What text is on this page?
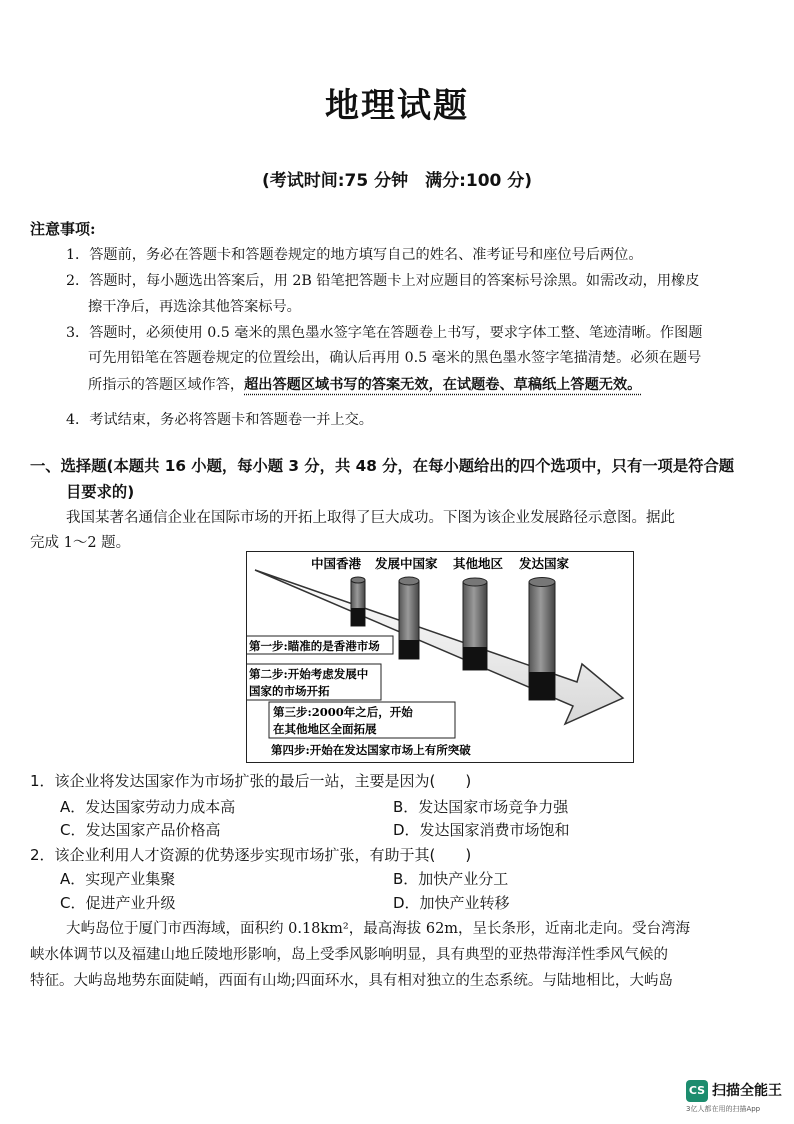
地理试题
(考试时间:75 分钟　满分:100 分)
注意事项:
1．答题前，务必在答题卡和答题卷规定的地方填写自己的姓名、准考证号和座位号后两位。
2．答题时，每小题选出答案后，用 2B 铅笔把答题卡上对应题目的答案标号涂黑。如需改动，用橡皮
擦干净后，再选涂其他答案标号。
3．答题时，必须使用 0.5 毫米的黑色墨水签字笔在答题卷上书写，要求字体工整、笔迹清晰。作图题
可先用铅笔在答题卷规定的位置绘出，确认后再用 0.5 毫米的黑色墨水签字笔描清楚。必须在题号
所指示的答题区域作答，超出答题区域书写的答案无效，在试题卷、草稿纸上答题无效。
4．考试结束，务必将答题卡和答题卷一并上交。
一、选择题(本题共 16 小题，每小题 3 分，共 48 分，在每小题给出的四个选项中，只有一项是符合题
目要求的)
我国某著名通信企业在国际市场的开拓上取得了巨大成功。下图为该企业发展路径示意图。据此
完成 1～2 题。
中国香港 发展中国家 其他地区 发达国家
第一步:瞄准的是香港市场
第二步:开始考虑发展中
国家的市场开拓
第三步:2000年之后，开始
在其他地区全面拓展
第四步:开始在发达国家市场上有所突破
1．该企业将发达国家作为市场扩张的最后一站，主要是因为(　　)
A．发达国家劳动力成本高	B．发达国家市场竞争力强
C．发达国家产品价格高	D．发达国家消费市场饱和
2．该企业利用人才资源的优势逐步实现市场扩张，有助于其(　　)
A．实现产业集聚	B．加快产业分工
C．促进产业升级	D．加快产业转移
大屿岛位于厦门市西海域，面积约 0.18km²，最高海拔 62m，呈长条形，近南北走向。受台湾海
峡水体调节以及福建山地丘陵地形影响，岛上受季风影响明显，具有典型的亚热带海洋性季风气候的
特征。大屿岛地势东面陡峭，西面有山坳;四面环水，具有相对独立的生态系统。与陆地相比，大屿岛
CS 扫描全能王
3亿人都在用的扫描App
